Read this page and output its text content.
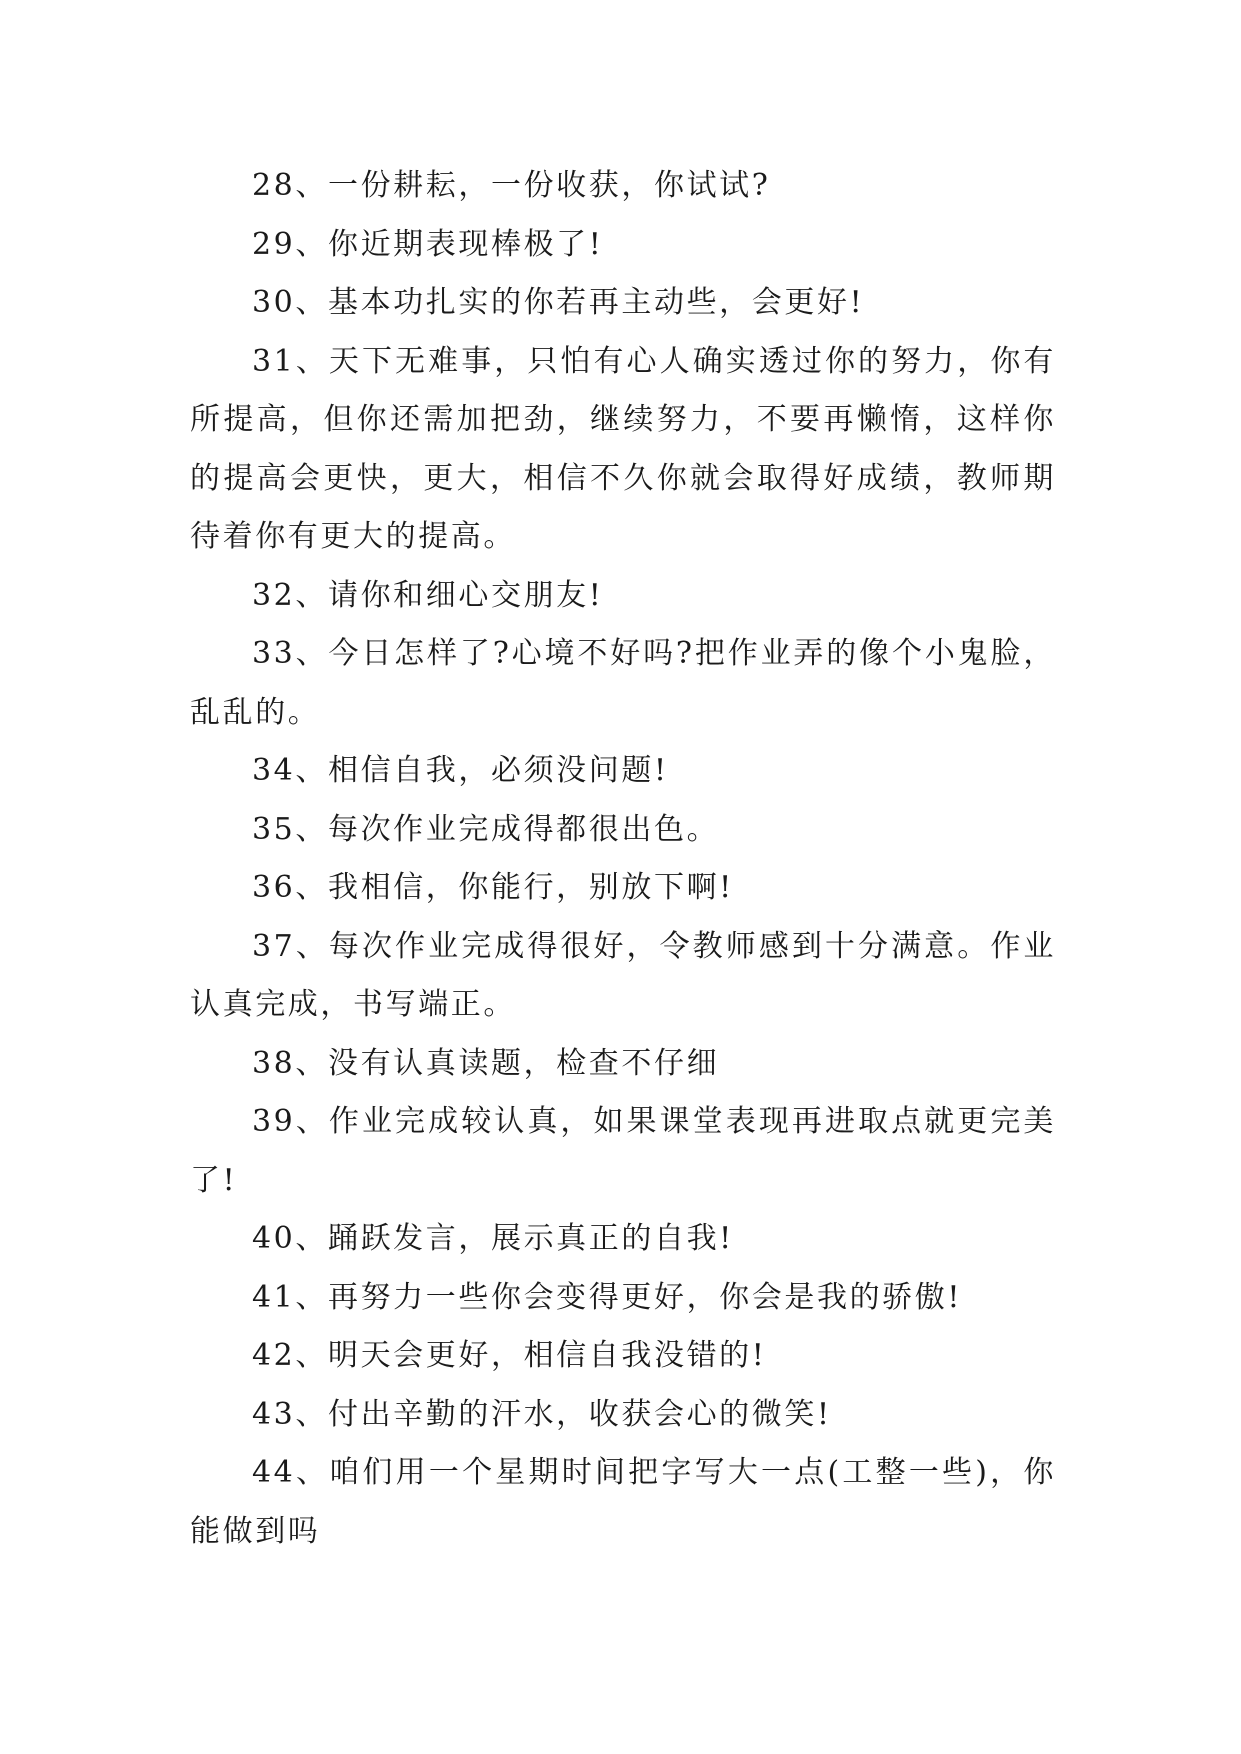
28、一份耕耘，一份收获，你试试?

29、你近期表现棒极了!

30、基本功扎实的你若再主动些，会更好!

31、天下无难事，只怕有心人确实透过你的努力，你有所提高，但你还需加把劲，继续努力，不要再懒惰，这样你的提高会更快，更大，相信不久你就会取得好成绩，教师期待着你有更大的提高。

32、请你和细心交朋友!

33、今日怎样了?心境不好吗?把作业弄的像个小鬼脸，乱乱的。

34、相信自我，必须没问题!

35、每次作业完成得都很出色。

36、我相信，你能行，别放下啊!

37、每次作业完成得很好，令教师感到十分满意。作业认真完成，书写端正。

38、没有认真读题，检查不仔细

39、作业完成较认真，如果课堂表现再进取点就更完美了!

40、踊跃发言，展示真正的自我!

41、再努力一些你会变得更好，你会是我的骄傲!

42、明天会更好，相信自我没错的!

43、付出辛勤的汗水，收获会心的微笑!

44、咱们用一个星期时间把字写大一点(工整一些)，你能做到吗
